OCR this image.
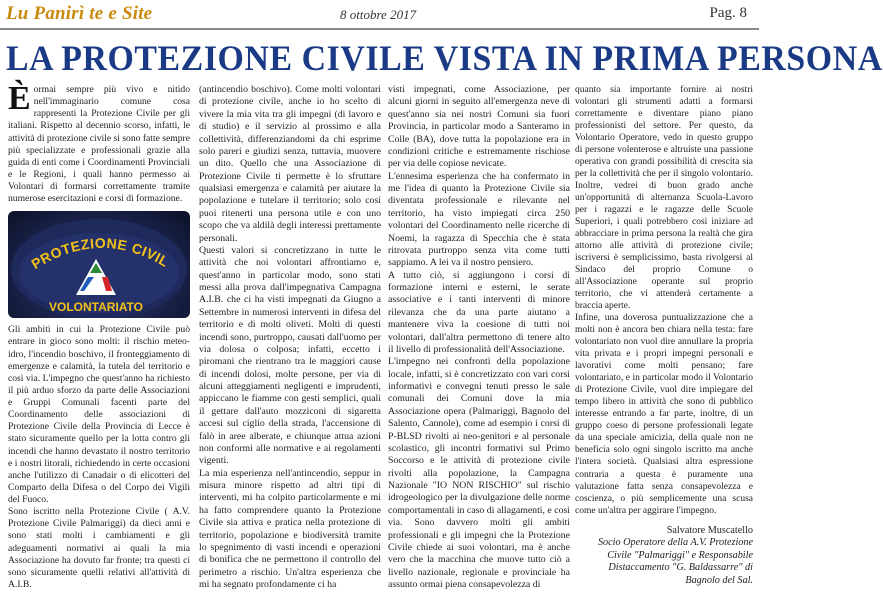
Lu Panirì te e Site	8 ottobre 2017	Pag. 8
LA PROTEZIONE CIVILE VISTA IN PRIMA PERSONA

Èormai sempre più vivo e nitido nell'immaginario comune cosa rappresenti la Protezione Civile per gli italiani. Rispetto al decennio scorso, infatti, le attività di protezione civile si sono fatte sempre più specializzate e professionali grazie alla guida di enti come i Coordinamenti Provinciali e le Regioni, i quali hanno permesso ai Volontari di formarsi correttamente tramite numerose esercitazioni e corsi di formazione.

PROTEZIONE CIVIL
VOLONTARIATO

Gli ambiti in cui la Protezione Civile può entrare in gioco sono molti: il rischio meteo-idro, l'incendio boschivo, il fronteggiamento di emergenze e calamità, la tutela del territorio e così via. L'impegno che quest'anno ha richiesto il più arduo sforzo da parte delle Associazioni e Gruppi Comunali facenti parte del Coordinamento delle associazioni di Protezione Civile della Provincia di Lecce è stato sicuramente quello per la lotta contro gli incendi che hanno devastato il nostro territorio e i nostri litorali, richiedendo in certe occasioni anche l'utilizzo di Canadair o di elicotteri del Comparto della Difesa o del Corpo dei Vigili del Fuoco.

Sono iscritto nella Protezione Civile ( A.V. Protezione Civile Palmariggi) da dieci anni e sono stati molti i cambiamenti e gli adeguamenti normativi ai quali la mia Associazione ha dovuto far fronte; tra questi ci sono sicuramente quelli relativi all'attività di A.I.B.

(antincendio boschivo). Come molti volontari di protezione civile, anche io ho scelto di vivere la mia vita tra gli impegni (di lavoro e di studio) e il servizio al prossimo e alla collettività, differenziandomi da chi esprime solo pareri e giudizi senza, tuttavia, muovere un dito. Quello che una Associazione di Protezione Civile ti permette è lo sfruttare qualsiasi emergenza e calamità per aiutare la popolazione e tutelare il territorio; solo così puoi ritenerti una persona utile e con uno scopo che va aldilà degli interessi prettamente personali.

Questi valori si concretizzano in tutte le attività che noi volontari affrontiamo e, quest'anno in particolar modo, sono stati messi alla prova dall'impegnativa Campagna A.I.B. che ci ha visti impegnati da Giugno a Settembre in numerosi interventi in difesa del territorio e di molti oliveti. Molti di questi incendi sono, purtroppo, causati dall'uomo per via dolosa o colposa; infatti, eccetto i piromani che rientrano tra le maggiori cause di incendi dolosi, molte persone, per via di alcuni atteggiamenti negligenti e imprudenti, appiccano le fiamme con gesti semplici, quali il gettare dall'auto mozziconi di sigaretta accesi sul ciglio della strada, l'accensione di falò in aree alberate, e chiunque attua azioni non conformi alle normative e ai regolamenti vigenti.

La mia esperienza nell'antincendio, seppur in misura minore rispetto ad altri tipi di interventi, mi ha colpito particolarmente e mi ha fatto comprendere quanto la Protezione Civile sia attiva e pratica nella protezione di territorio, popolazione e biodiversità tramite lo spegnimento di vasti incendi e operazioni di bonifica che ne permettono il controllo del perimetro a rischio. Un'altra esperienza che mi ha segnato profondamente ci ha

visti impegnati, come Associazione, per alcuni giorni in seguito all'emergenza neve di quest'anno sia nei nostri Comuni sia fuori Provincia, in particolar modo a Santeramo in Colle (BA), dove tutta la popolazione era in condizioni critiche e estremamente rischiose per via delle copiose nevicate.

L'ennesima esperienza che ha confermato in me l'idea di quanto la Protezione Civile sia diventata professionale e rilevante nel territorio, ha visto impiegati circa 250 volontari del Coordinamento nelle ricerche di Noemi, la ragazza di Specchia che è stata ritrovata purtroppo senza vita come tutti sappiamo. A lei va il nostro pensiero.

A tutto ciò, si aggiungono i corsi di formazione interni e esterni, le serate associative e i tanti interventi di minore rilevanza che da una parte aiutano a mantenere viva la coesione di tutti noi volontari, dall'altra permettono di tenere alto il livello di professionalità dell'Associazione.

L'impegno nei confronti della popolazione locale, infatti, si è concretizzato con vari corsi informativi e convegni tenuti presso le sale comunali dei Comuni dove la mia Associazione opera (Palmariggi, Bagnolo del Salento, Cannole), come ad esempio i corsi di P-BLSD rivolti ai neo-genitori e al personale scolastico, gli incontri formativi sul Primo Soccorso e le attività di protezione civile rivolti alla popolazione, la Campagna Nazionale "IO NON RISCHIO" sul rischio idrogeologico per la divulgazione delle norme comportamentali in caso di allagamenti, e così via. Sono davvero molti gli ambiti professionali e gli impegni che la Protezione Civile chiede ai suoi volontari, ma è anche vero che la macchina che muove tutto ciò a livello nazionale, regionale e provinciale ha assunto ormai piena consapevolezza di

quanto sia importante fornire ai nostri volontari gli strumenti adatti a formarsi correttamente e diventare piano piano professionisti del settore. Per questo, da Volontario Operatore, vedo in questo gruppo di persone volenterose e altruiste una passione operativa con grandi possibilità di crescita sia per la collettività che per il singolo volontario. Inoltre, vedrei di buon grado anche un'opportunità di alternanza Scuola-Lavoro per i ragazzi e le ragazze delle Scuole Superiori, i quali potrebbero così iniziare ad abbracciare in prima persona la realtà che gira attorno alle attività di protezione civile; iscriversi è semplicissimo, basta rivolgersi al Sindaco del proprio Comune o all'Associazione operante sul proprio territorio, che vi attenderà certamente a braccia aperte.

Infine, una doverosa puntualizzazione che a molti non è ancora ben chiara nella testa: fare volontariato non vuol dire annullare la propria vita privata e i propri impegni personali e lavorativi come molti pensano; fare volontariato, e in particolar modo il Volontario di Protezione Civile, vuol dire impiegare del tempo libero in attività che sono di pubblico interesse entrando a far parte, inoltre, di un gruppo coeso di persone professionali legate da una speciale amicizia, della quale non ne beneficia solo ogni singolo iscritto ma anche l'intera società. Qualsiasi altra espressione contraria a questa è puramente una valutazione fatta senza consapevolezza e coscienza, o più semplicemente una scusa come un'altra per aggirare l'impegno.

Salvatore Muscatello
Socio Operatore della A.V. Protezione Civile "Palmariggi" e Responsabile Distaccamento "G. Baldassarre" di Bagnolo del Sal.
